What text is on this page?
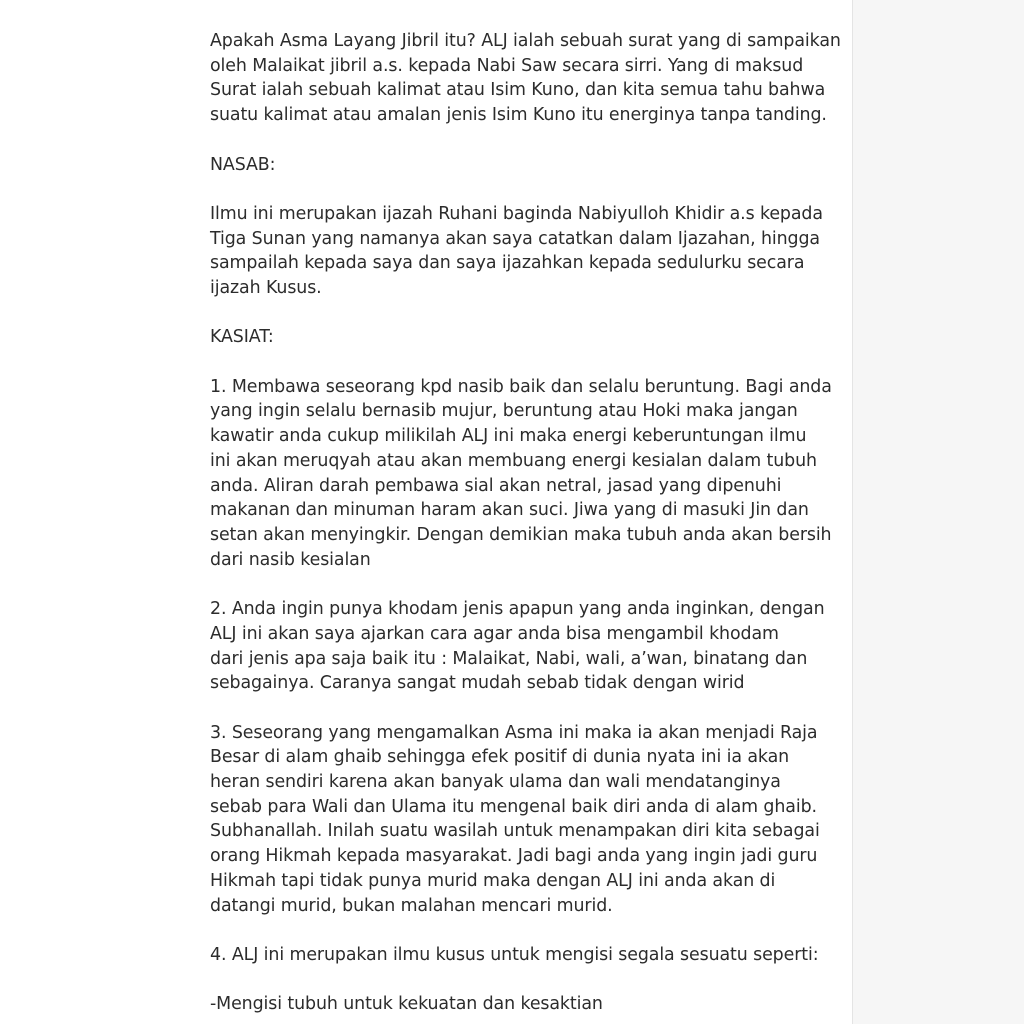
Apakah Asma Layang Jibril itu? ALJ ialah sebuah surat yang di sampaikan

oleh Malaikat jibril a.s. kepada Nabi Saw secara sirri. Yang di maksud

Surat ialah sebuah kalimat atau Isim Kuno, dan kita semua tahu bahwa

suatu kalimat atau amalan jenis Isim Kuno itu energinya tanpa tanding.

NASAB:

Ilmu ini merupakan ijazah Ruhani baginda Nabiyulloh Khidir a.s kepada

Tiga Sunan yang namanya akan saya catatkan dalam Ijazahan, hingga

sampailah kepada saya dan saya ijazahkan kepada sedulurku secara

ijazah Kusus.

KASIAT:

1. Membawa seseorang kpd nasib baik dan selalu beruntung. Bagi anda

yang ingin selalu bernasib mujur, beruntung atau Hoki maka jangan

kawatir anda cukup milikilah ALJ ini maka energi keberuntungan ilmu

ini akan meruqyah atau akan membuang energi kesialan dalam tubuh

anda. Aliran darah pembawa sial akan netral, jasad yang dipenuhi

makanan dan minuman haram akan suci. Jiwa yang di masuki Jin dan

setan akan menyingkir. Dengan demikian maka tubuh anda akan bersih

dari nasib kesialan

2. Anda ingin punya khodam jenis apapun yang anda inginkan, dengan

ALJ ini akan saya ajarkan cara agar anda bisa mengambil khodam

dari jenis apa saja baik itu : Malaikat, Nabi, wali, a’wan, binatang dan

sebagainya. Caranya sangat mudah sebab tidak dengan wirid

3. Seseorang yang mengamalkan Asma ini maka ia akan menjadi Raja

Besar di alam ghaib sehingga efek positif di dunia nyata ini ia akan

heran sendiri karena akan banyak ulama dan wali mendatanginya

sebab para Wali dan Ulama itu mengenal baik diri anda di alam ghaib.

Subhanallah. Inilah suatu wasilah untuk menampakan diri kita sebagai

orang Hikmah kepada masyarakat. Jadi bagi anda yang ingin jadi guru

Hikmah tapi tidak punya murid maka dengan ALJ ini anda akan di

datangi murid, bukan malahan mencari murid.

4. ALJ ini merupakan ilmu kusus untuk mengisi segala sesuatu seperti:

-Mengisi tubuh untuk kekuatan dan kesaktian
